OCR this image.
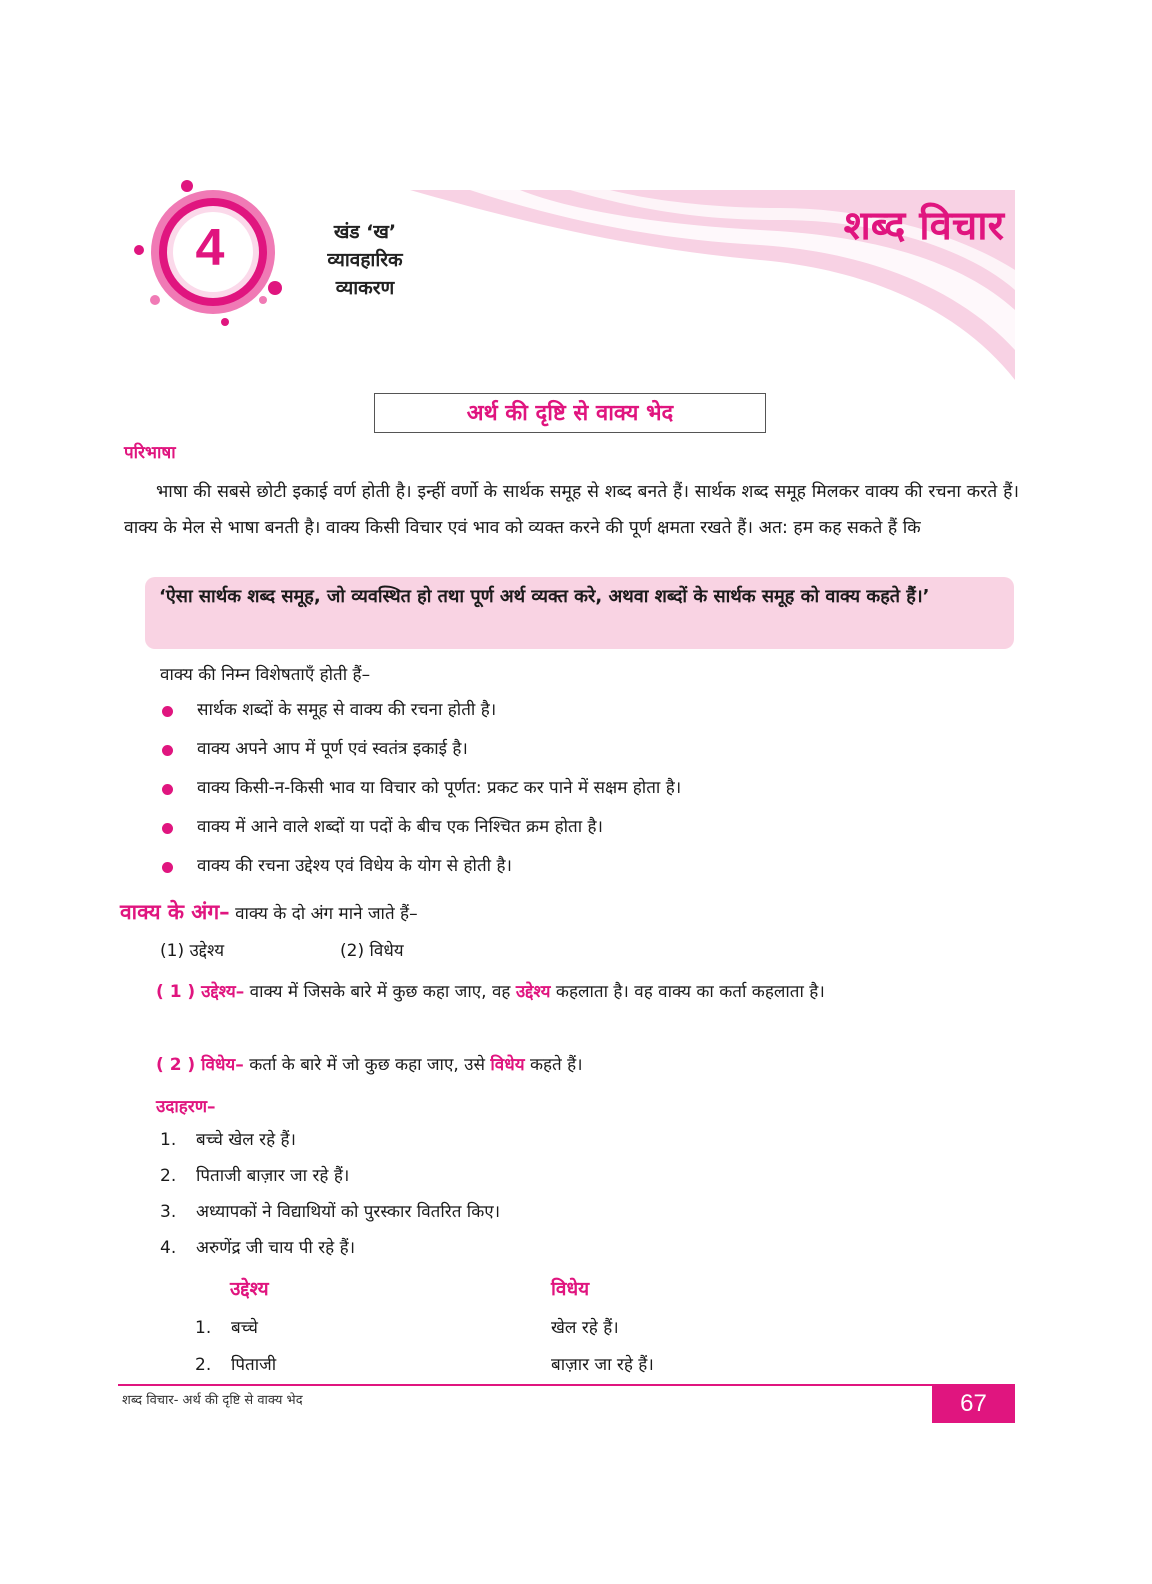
4	खंड ‘ख’
व्यावहारिक
व्याकरण
शब्द विचार
अर्थ की दृष्टि से वाक्य भेद
परिभाषा
भाषा की सबसे छोटी इकाई वर्ण होती है। इन्हीं वर्णो के सार्थक समूह से शब्द बनते हैं। सार्थक शब्द समूह मिलकर वाक्य की रचना करते हैं। वाक्य के मेल से भाषा बनती है। वाक्य किसी विचार एवं भाव को व्यक्त करने की पूर्ण क्षमता रखते हैं। अत: हम कह सकते हैं कि
‘ऐसा सार्थक शब्द समूह, जो व्यवस्थित हो तथा पूर्ण अर्थ व्यक्त करे, अथवा शब्दों के सार्थक समूह को वाक्य कहते हैं।’
वाक्य की निम्न विशेषताएँ होती हैं–
सार्थक शब्दों के समूह से वाक्य की रचना होती है।
वाक्य अपने आप में पूर्ण एवं स्वतंत्र इकाई है।
वाक्य किसी-न-किसी भाव या विचार को पूर्णत: प्रकट कर पाने में सक्षम होता है।
वाक्य में आने वाले शब्दों या पदों के बीच एक निश्चित क्रम होता है।
वाक्य की रचना उद्देश्य एवं विधेय के योग से होती है।
वाक्य के अंग– वाक्य के दो अंग माने जाते हैं–
(1) उद्देश्य	(2) विधेय
( 1 ) उद्देश्य– वाक्य में जिसके बारे में कुछ कहा जाए, वह उद्देश्य कहलाता है। वह वाक्य का कर्ता कहलाता है।
( 2 ) विधेय– कर्ता के बारे में जो कुछ कहा जाए, उसे विधेय कहते हैं।
उदाहरण–
1. बच्चे खेल रहे हैं।
2. पिताजी बाज़ार जा रहे हैं।
3. अध्यापकों ने विद्याथियों को पुरस्कार वितरित किए।
4. अरुणेंद्र जी चाय पी रहे हैं।
उद्देश्य	विधेय
1. बच्चे	खेल रहे हैं।
2. पिताजी	बाज़ार जा रहे हैं।
शब्द विचार- अर्थ की दृष्टि से वाक्य भेद	67
